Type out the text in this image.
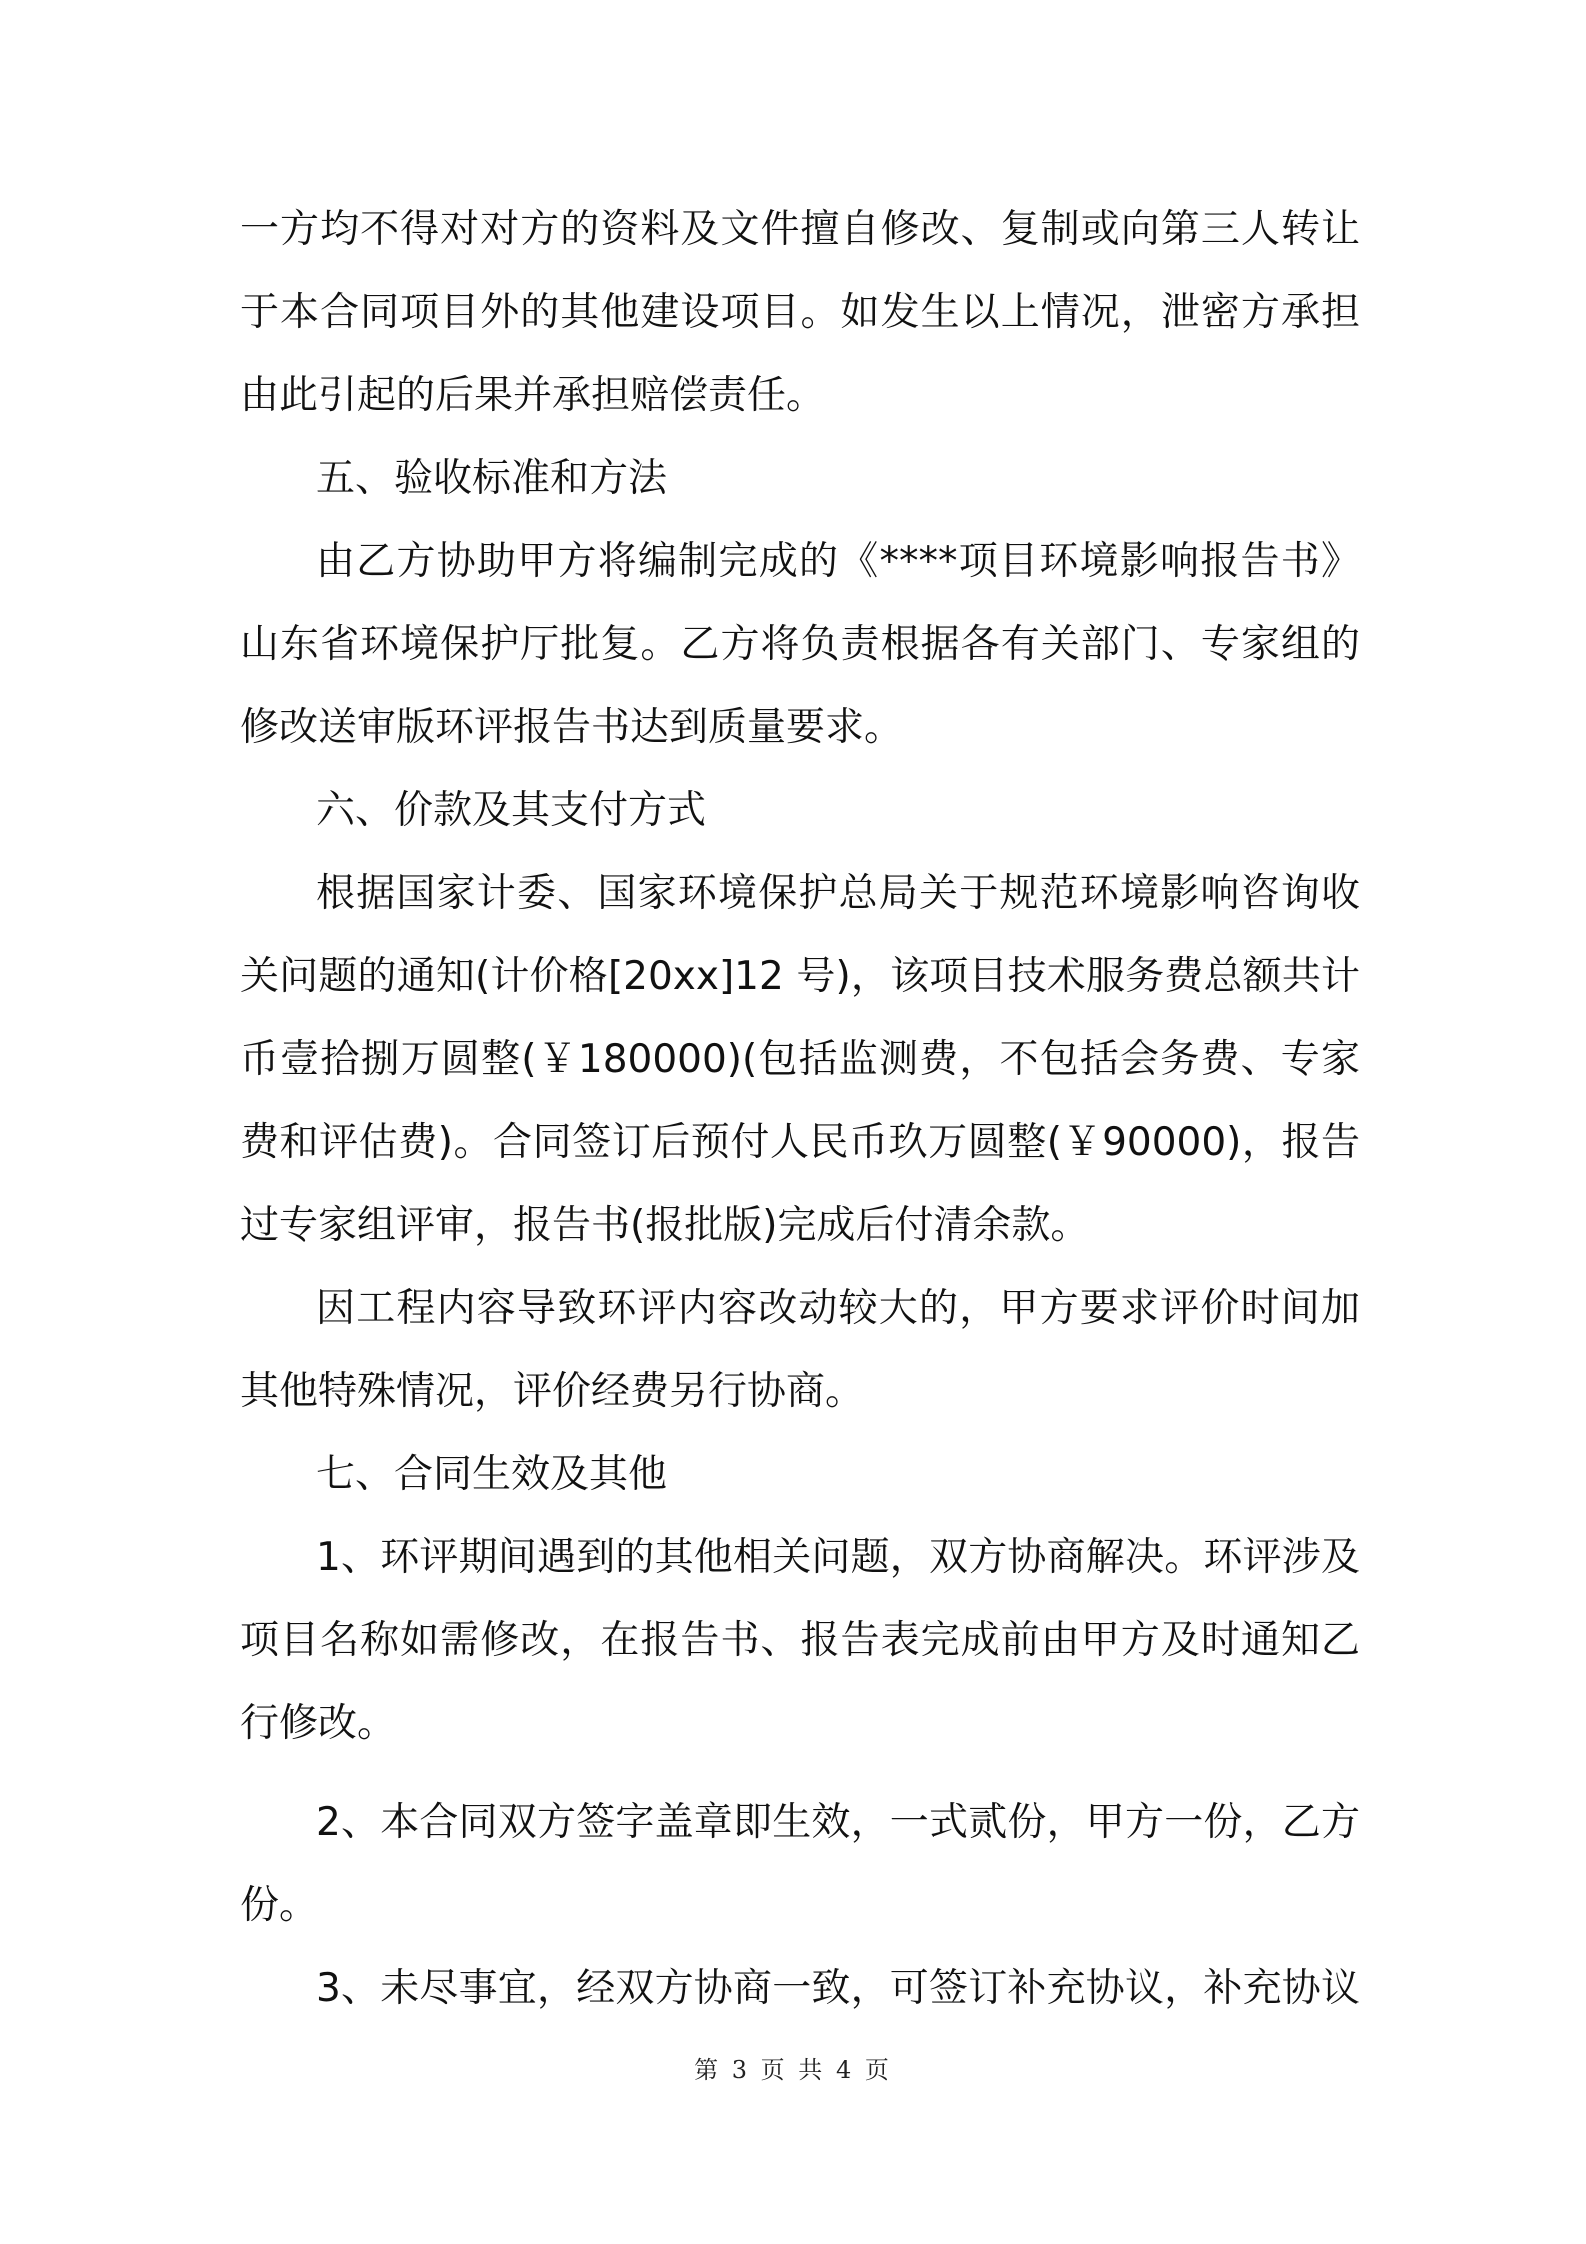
一方均不得对对方的资料及文件擅自修改、复制或向第三人转让
于本合同项目外的其他建设项目。如发生以上情况，泄密方承担
由此引起的后果并承担赔偿责任。
五、验收标准和方法
由乙方协助甲方将编制完成的《****项目环境影响报告书》
山东省环境保护厅批复。乙方将负责根据各有关部门、专家组的
修改送审版环评报告书达到质量要求。
六、价款及其支付方式
根据国家计委、国家环境保护总局关于规范环境影响咨询收
关问题的通知(计价格[20xx]12 号)，该项目技术服务费总额共计
币壹拾捌万圆整(￥180000)(包括监测费，不包括会务费、专家
费和评估费)。合同签订后预付人民币玖万圆整(￥90000)，报告
过专家组评审，报告书(报批版)完成后付清余款。
因工程内容导致环评内容改动较大的，甲方要求评价时间加
其他特殊情况，评价经费另行协商。
七、合同生效及其他
1、环评期间遇到的其他相关问题，双方协商解决。环评涉及
项目名称如需修改，在报告书、报告表完成前由甲方及时通知乙
行修改。
2、本合同双方签字盖章即生效，一式贰份，甲方一份，乙方
份。
3、未尽事宜，经双方协商一致，可签订补充协议，补充协议
第 3 页 共 4 页
